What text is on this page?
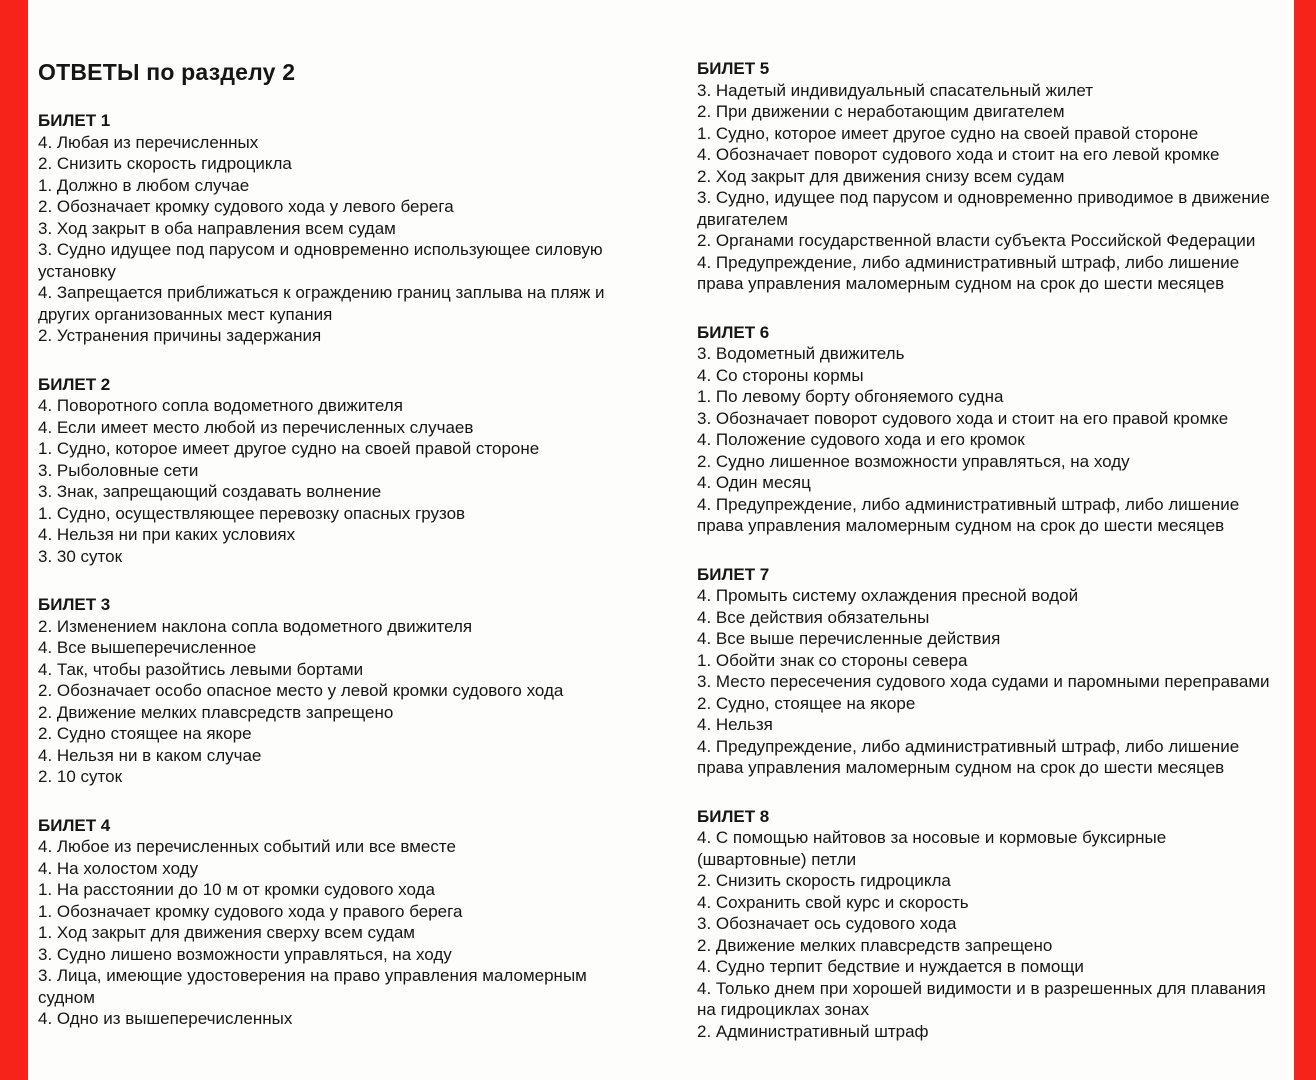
ОТВЕТЫ по разделу 2
БИЛЕТ 1
4. Любая из перечисленных
2. Снизить скорость гидроцикла
1. Должно в любом случае
2. Обозначает кромку судового хода у левого берега
3. Ход закрыт в оба направления всем судам
3. Судно идущее под парусом и одновременно использующее силовую установку
4. Запрещается приближаться к ограждению границ заплыва на пляж и других организованных мест купания
2. Устранения причины задержания
БИЛЕТ 2
4. Поворотного сопла водометного движителя
4. Если имеет место любой из перечисленных случаев
1. Судно, которое имеет другое судно на своей правой стороне
3. Рыболовные сети
3. Знак, запрещающий создавать волнение
1. Судно, осуществляющее перевозку опасных грузов
4. Нельзя ни при каких условиях
3. 30 суток
БИЛЕТ 3
2. Изменением наклона сопла водометного движителя
4. Все вышеперечисленное
4. Так, чтобы разойтись левыми бортами
2. Обозначает особо опасное место у левой кромки судового хода
2. Движение мелких плавсредств запрещено
2. Судно стоящее на якоре
4. Нельзя ни в каком случае
2. 10 суток
БИЛЕТ 4
4. Любое из перечисленных событий или все вместе
4. На холостом ходу
1. На расстоянии до 10 м от кромки судового хода
1. Обозначает кромку судового хода у правого берега
1. Ход закрыт для движения сверху всем судам
3. Судно лишено возможности управляться, на ходу
3. Лица, имеющие удостоверения на право управления маломерным судном
4. Одно из вышеперечисленных
БИЛЕТ 5
3. Надетый индивидуальный спасательный жилет
2. При движении с неработающим двигателем
1. Судно, которое имеет другое судно на своей правой стороне
4. Обозначает поворот судового хода и стоит на его левой кромке
2. Ход закрыт для движения снизу всем судам
3. Судно, идущее под парусом и одновременно приводимое в движение двигателем
2. Органами государственной власти субъекта Российской Федерации
4. Предупреждение, либо административный штраф, либо лишение права управления маломерным судном на срок до шести месяцев
БИЛЕТ 6
3. Водометный движитель
4. Со стороны кормы
1. По левому борту обгоняемого судна
3. Обозначает поворот судового хода и стоит на его правой кромке
4. Положение судового хода и его кромок
2. Судно лишенное возможности управляться, на ходу
4. Один месяц
4. Предупреждение, либо административный штраф, либо лишение права управления маломерным судном на срок до шести месяцев
БИЛЕТ 7
4. Промыть систему охлаждения пресной водой
4. Все действия обязательны
4. Все выше перечисленные действия
1. Обойти знак со стороны севера
3. Место пересечения судового хода судами и паромными переправами
2. Судно, стоящее на якоре
4. Нельзя
4. Предупреждение, либо административный штраф, либо лишение права управления маломерным судном на срок до шести месяцев
БИЛЕТ 8
4. С помощью найтовов за носовые и кормовые буксирные (швартовные) петли
2. Снизить скорость гидроцикла
4. Сохранить свой курс и скорость
3. Обозначает ось судового хода
2. Движение мелких плавсредств запрещено
4. Судно терпит бедствие и нуждается в помощи
4. Только днем при хорошей видимости и в разрешенных для плавания на гидроциклах зонах
2. Административный штраф
